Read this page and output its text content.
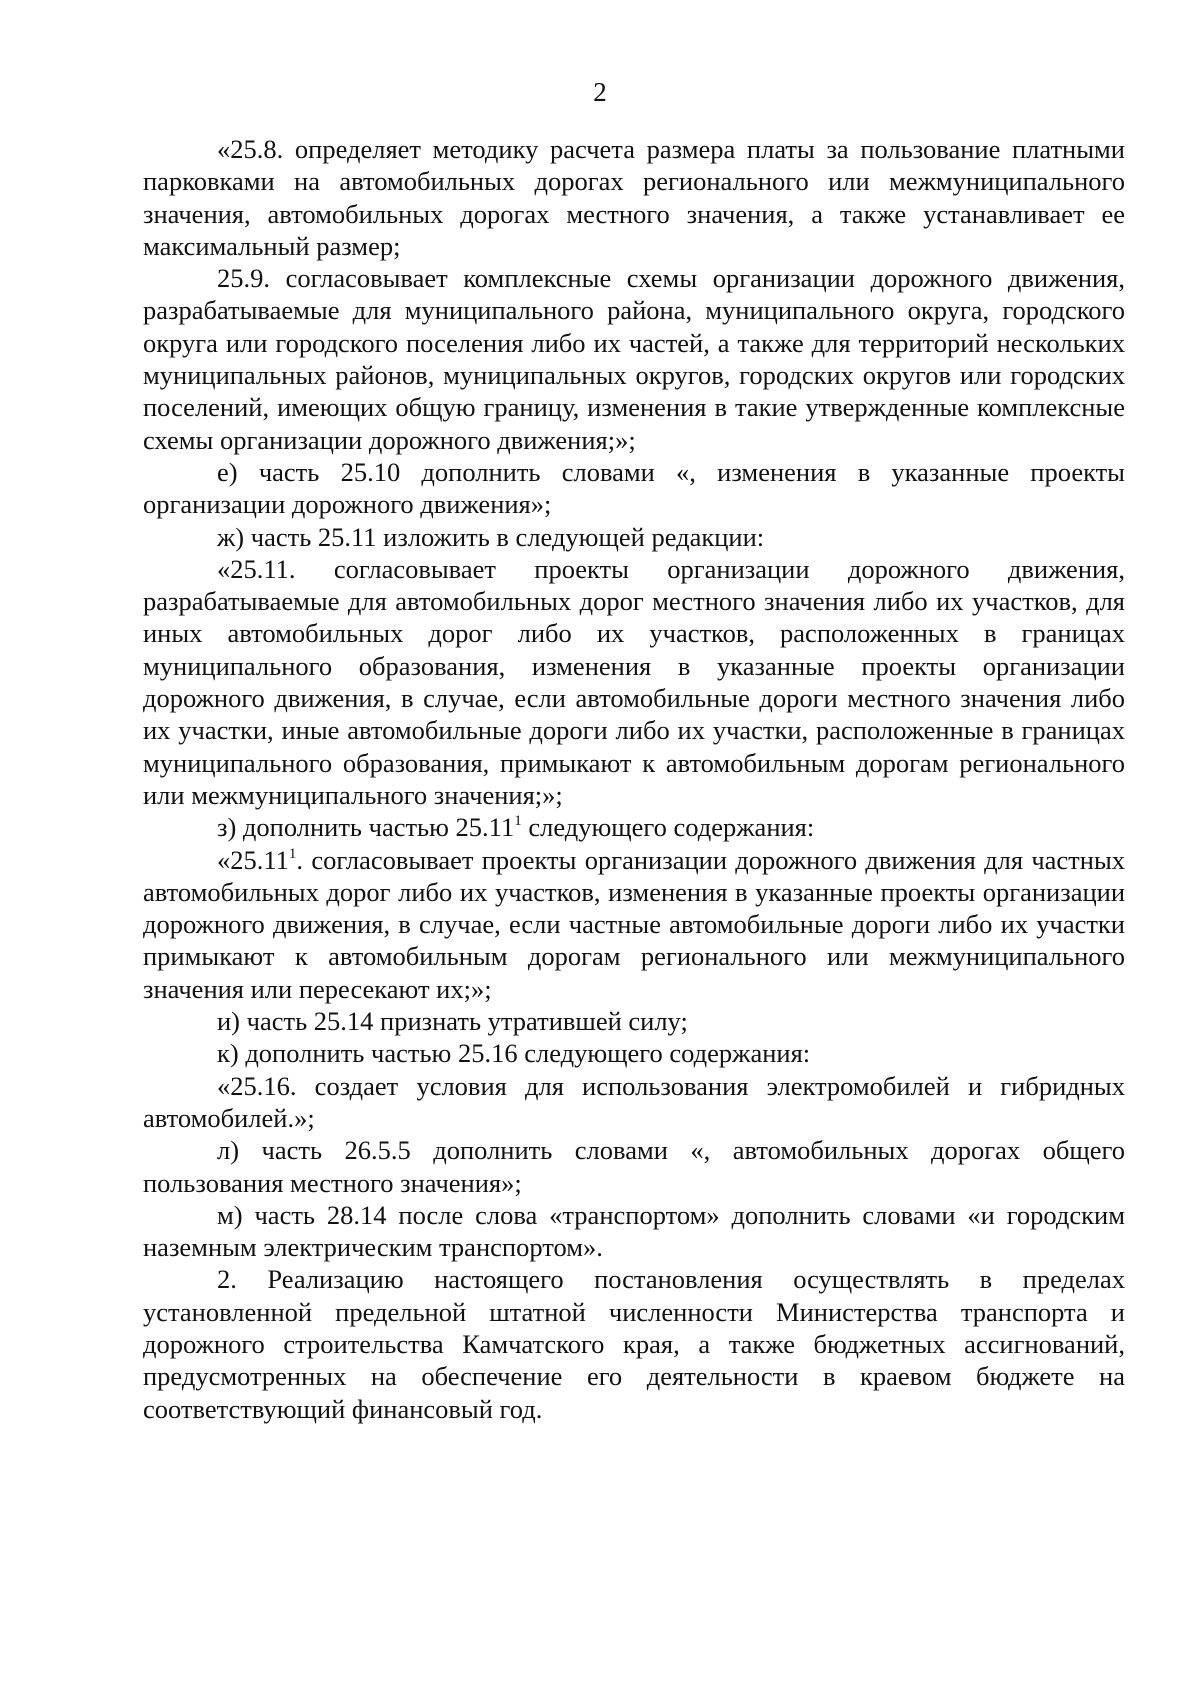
2

«25.8. определяет методику расчета размера платы за пользование платными парковками на автомобильных дорогах регионального или межмуниципального значения, автомобильных дорогах местного значения, а также устанавливает ее максимальный размер;

25.9. согласовывает комплексные схемы организации дорожного движения, разрабатываемые для муниципального района, муниципального округа, городского округа или городского поселения либо их частей, а также для территорий нескольких муниципальных районов, муниципальных округов, городских округов или городских поселений, имеющих общую границу, изменения в такие утвержденные комплексные схемы организации дорожного движения;»;

е) часть 25.10 дополнить словами «, изменения в указанные проекты организации дорожного движения»;

ж) часть 25.11 изложить в следующей редакции:

«25.11. согласовывает проекты организации дорожного движения, разрабатываемые для автомобильных дорог местного значения либо их участков, для иных автомобильных дорог либо их участков, расположенных в границах муниципального образования, изменения в указанные проекты организации дорожного движения, в случае, если автомобильные дороги местного значения либо их участки, иные автомобильные дороги либо их участки, расположенные в границах муниципального образования, примыкают к автомобильным дорогам регионального или межмуниципального значения;»;

з) дополнить частью 25.11$^1$ следующего содержания:

«25.11$^1$. согласовывает проекты организации дорожного движения для частных автомобильных дорог либо их участков, изменения в указанные проекты организации дорожного движения, в случае, если частные автомобильные дороги либо их участки примыкают к автомобильным дорогам регионального или межмуниципального значения или пересекают их;»;

и) часть 25.14 признать утратившей силу;

к) дополнить частью 25.16 следующего содержания:

«25.16. создает условия для использования электромобилей и гибридных автомобилей.»;

л) часть 26.5.5 дополнить словами «, автомобильных дорогах общего пользования местного значения»;

м) часть 28.14 после слова «транспортом» дополнить словами «и городским наземным электрическим транспортом».

2. Реализацию настоящего постановления осуществлять в пределах установленной предельной штатной численности Министерства транспорта и дорожного строительства Камчатского края, а также бюджетных ассигнований, предусмотренных на обеспечение его деятельности в краевом бюджете на соответствующий финансовый год.
